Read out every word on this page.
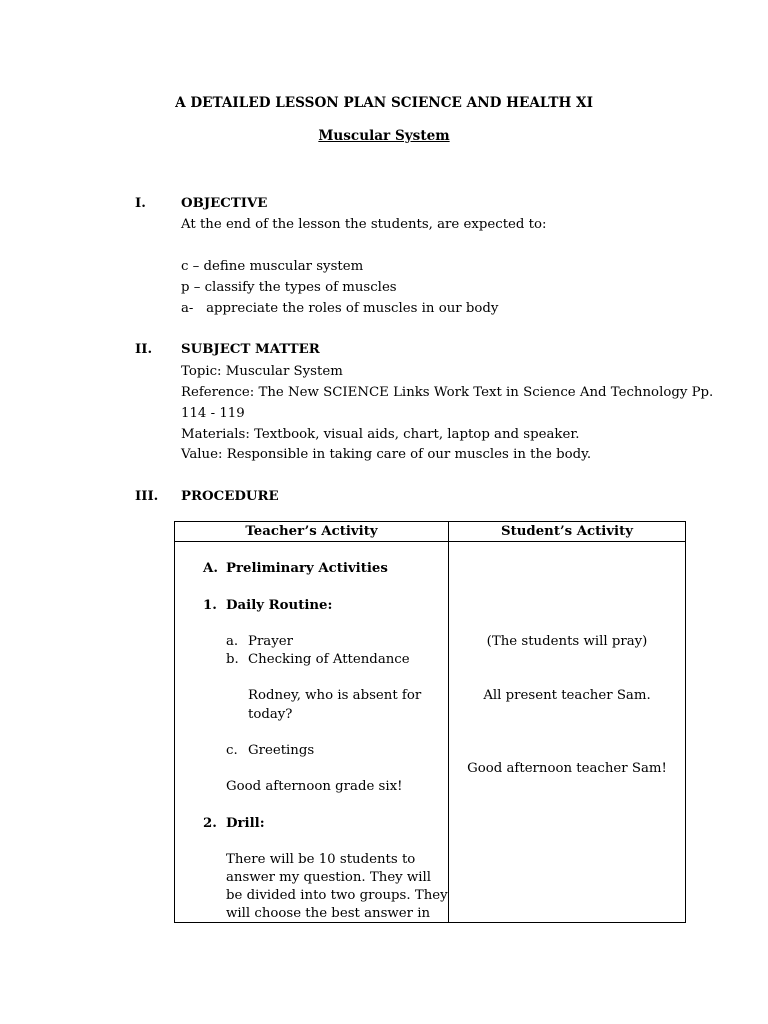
A DETAILED LESSON PLAN SCIENCE AND HEALTH XI
Muscular System
I.	OBJECTIVE
At the end of the lesson the students, are expected to:
c – define muscular system
p – classify the types of muscles
a-   appreciate the roles of muscles in our body
II. SUBJECT MATTER
Topic: Muscular System
Reference: The New SCIENCE Links Work Text in Science And Technology Pp.
114 - 119
Materials: Textbook, visual aids, chart, laptop and speaker.
Value: Responsible in taking care of our muscles in the body.
III. PROCEDURE
Teacher’s Activity	Student’s Activity
A. Preliminary Activities
1. Daily Routine:
a. Prayer
b. Checking of Attendance
Rodney, who is absent for
today?
c. Greetings
Good afternoon grade six!
2. Drill:
There will be 10 students to
answer my question. They will
be divided into two groups. They
will choose the best answer in
(The students will pray)
All present teacher Sam.
Good afternoon teacher Sam!
